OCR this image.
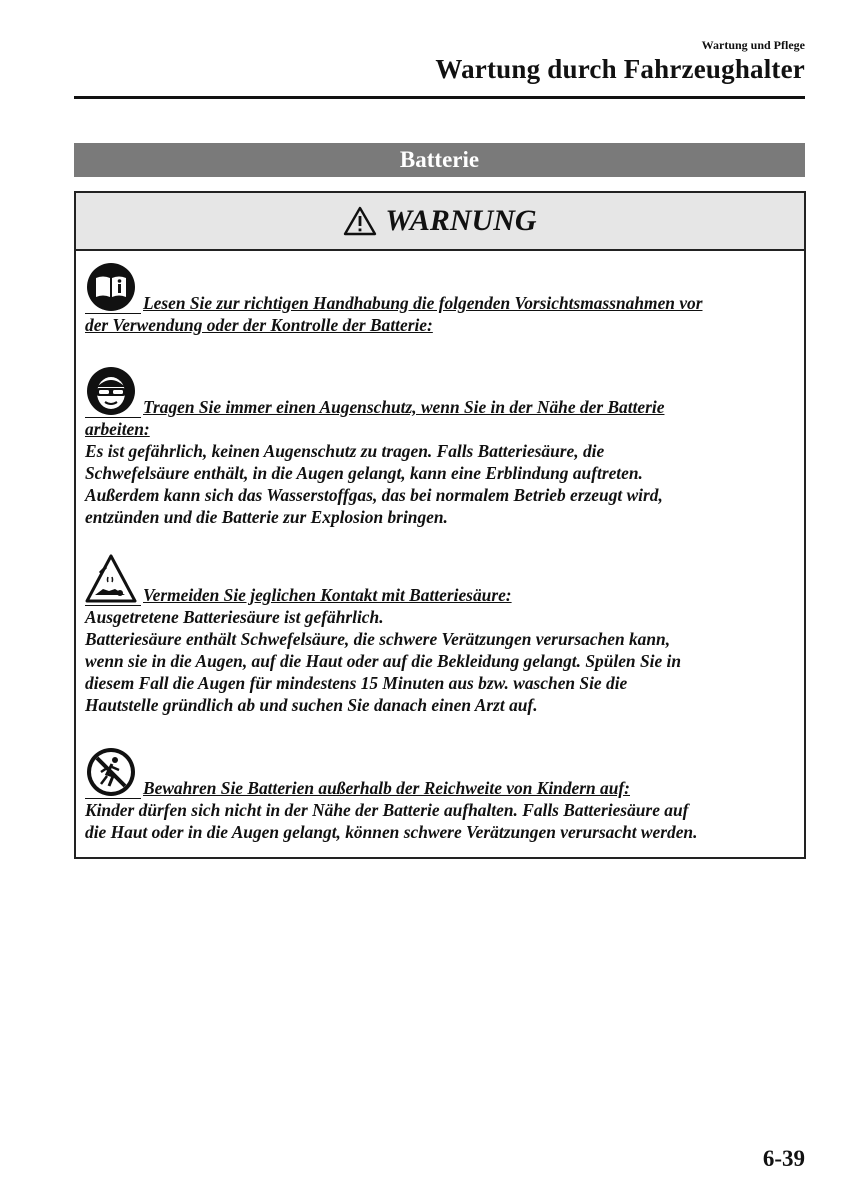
Wartung und Pflege
Wartung durch Fahrzeughalter
Batterie
WARNUNG
Lesen Sie zur richtigen Handhabung die folgenden Vorsichtsmassnahmen vor

der Verwendung oder der Kontrolle der Batterie:

Tragen Sie immer einen Augenschutz, wenn Sie in der Nähe der Batterie

arbeiten:

Es ist gefährlich, keinen Augenschutz zu tragen. Falls Batteriesäure, die

Schwefelsäure enthält, in die Augen gelangt, kann eine Erblindung auftreten.

Außerdem kann sich das Wasserstoffgas, das bei normalem Betrieb erzeugt wird,

entzünden und die Batterie zur Explosion bringen.

Vermeiden Sie jeglichen Kontakt mit Batteriesäure:

Ausgetretene Batteriesäure ist gefährlich.

Batteriesäure enthält Schwefelsäure, die schwere Verätzungen verursachen kann,

wenn sie in die Augen, auf die Haut oder auf die Bekleidung gelangt. Spülen Sie in

diesem Fall die Augen für mindestens 15 Minuten aus bzw. waschen Sie die

Hautstelle gründlich ab und suchen Sie danach einen Arzt auf.

Bewahren Sie Batterien außerhalb der Reichweite von Kindern auf:

Kinder dürfen sich nicht in der Nähe der Batterie aufhalten. Falls Batteriesäure auf

die Haut oder in die Augen gelangt, können schwere Verätzungen verursacht werden.

6-39
